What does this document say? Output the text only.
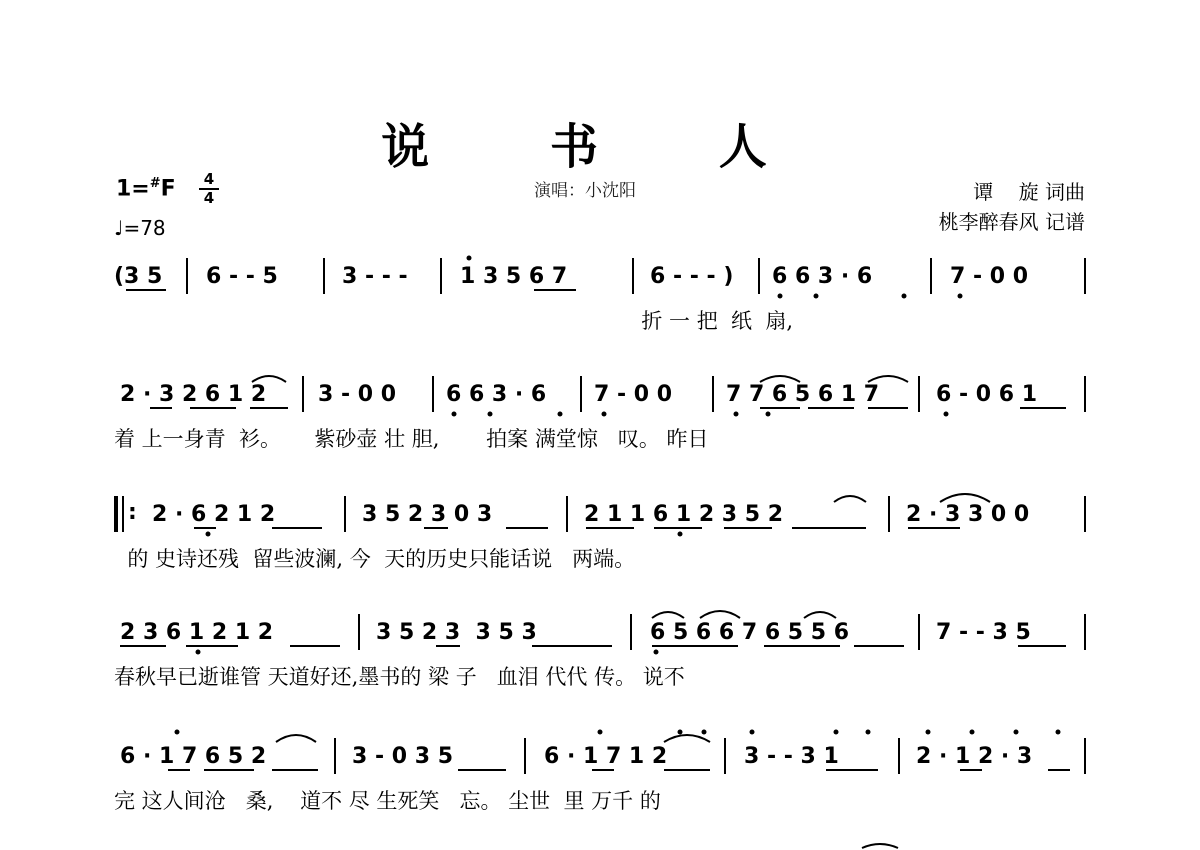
说 书 人
1=#F	4
4
♩=78
演唱：小沈阳	谭    旋 词曲
桃李醉春风 记谱
(3 5 6 - - 5	3 - - - 1 3 5 6 7	6 - - - ) 6 6 3 · 6	7 - 0 0
折 一 把  纸  扇,
2 · 3 2 6 1 2 3 - 0 0 6 6 3 · 6 7 - 0 0 7 7 6 5 6 1 7	6 - 0 6 1
着 上一身青  衫。     紫砂壶 壮 胆,       拍案 满堂惊   叹。 昨日
: 2 · 6 2 1 2	3 5 2 3 0 3	2 1 1 6 1 2 3 5 2	2 · 3 3 0 0
的 史诗还残  留些波澜, 今  天的历史只能话说   两端。
2 3 6 1 2 1 2	3 5 2 3  3 5 3	6 5 6 6 7 6 5 5 6	7 - - 3 5
春秋早已逝谁管 天道好还,墨书的 梁 子   血泪 代代 传。 说不
6 · 1 7 6 5 2	3 - 0 3 5	6 · 1 7 1 2	3 - - 3 1	2 · 1 2 · 3
完 这人间沧   桑,    道不 尽 生死笑   忘。 尘世  里 万千 的
